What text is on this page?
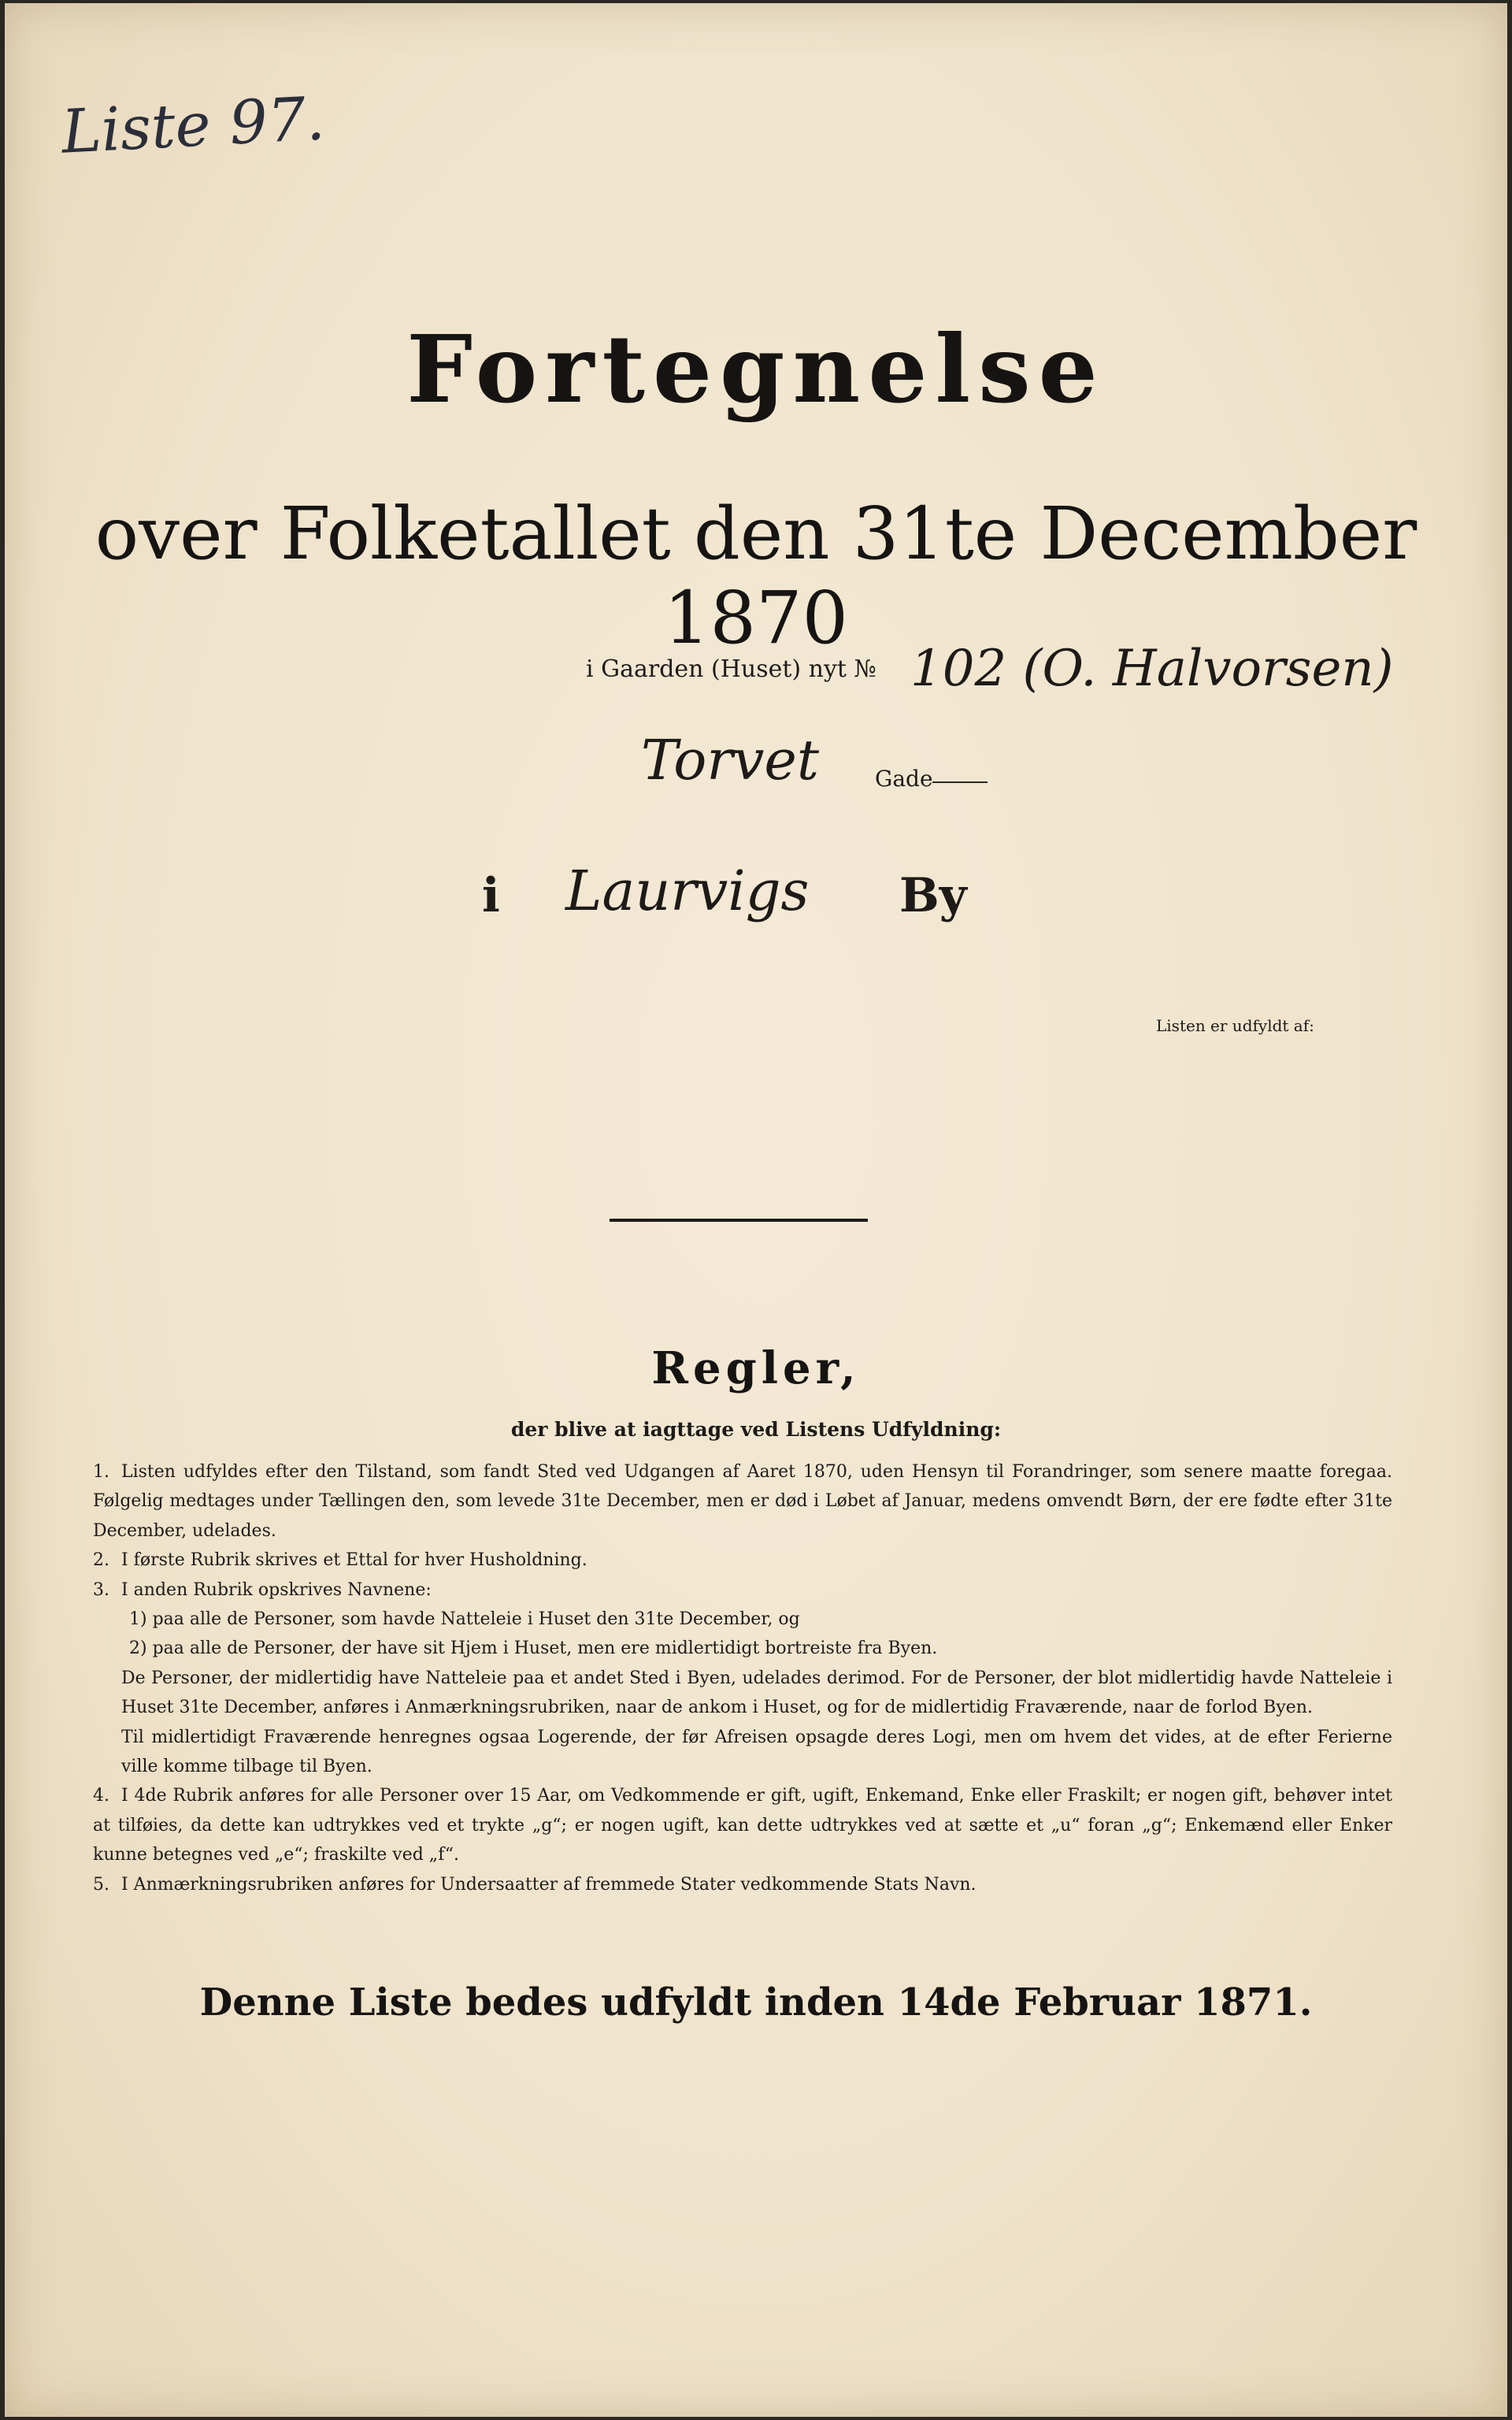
Liste 97.
Fortegnelse
over Folketallet den 31te December 1870
i Gaarden (Huset) nyt № 102 (O. Halvorsen)
Torvet	Gade
i Laurvigs By
Listen er udfyldt af:
Regler,
der blive at iagttage ved Listens Udfyldning:

1. Listen udfyldes efter den Tilstand, som fandt Sted ved Udgangen af Aaret 1870, uden Hensyn til Forandringer, som senere maatte foregaa. Følgelig medtages under Tællingen den, som levede 31te December, men er død i Løbet af Januar, medens omvendt Børn, der ere fødte efter 31te December, udelades.

2. I første Rubrik skrives et Ettal for hver Husholdning.

3. I anden Rubrik opskrives Navnene:

1) paa alle de Personer, som havde Natteleie i Huset den 31te December, og

2) paa alle de Personer, der have sit Hjem i Huset, men ere midlertidigt bortreiste fra Byen.

De Personer, der midlertidig have Natteleie paa et andet Sted i Byen, udelades derimod. For de Personer, der blot midlertidig havde Natteleie i Huset 31te December, anføres i Anmærkningsrubriken, naar de ankom i Huset, og for de midlertidig Fraværende, naar de forlod Byen.

Til midlertidigt Fraværende henregnes ogsaa Logerende, der før Afreisen opsagde deres Logi, men om hvem det vides, at de efter Ferierne ville komme tilbage til Byen.

4. I 4de Rubrik anføres for alle Personer over 15 Aar, om Vedkommende er gift, ugift, Enkemand, Enke eller Fraskilt; er nogen gift, behøver intet at tilføies, da dette kan udtrykkes ved et trykte „g“; er nogen ugift, kan dette udtrykkes ved at sætte et „u“ foran „g“; Enkemænd eller Enker kunne betegnes ved „e“; fraskilte ved „f“.

5. I Anmærkningsrubriken anføres for Undersaatter af fremmede Stater vedkommende Stats Navn.

Denne Liste bedes udfyldt inden 14de Februar 1871.
